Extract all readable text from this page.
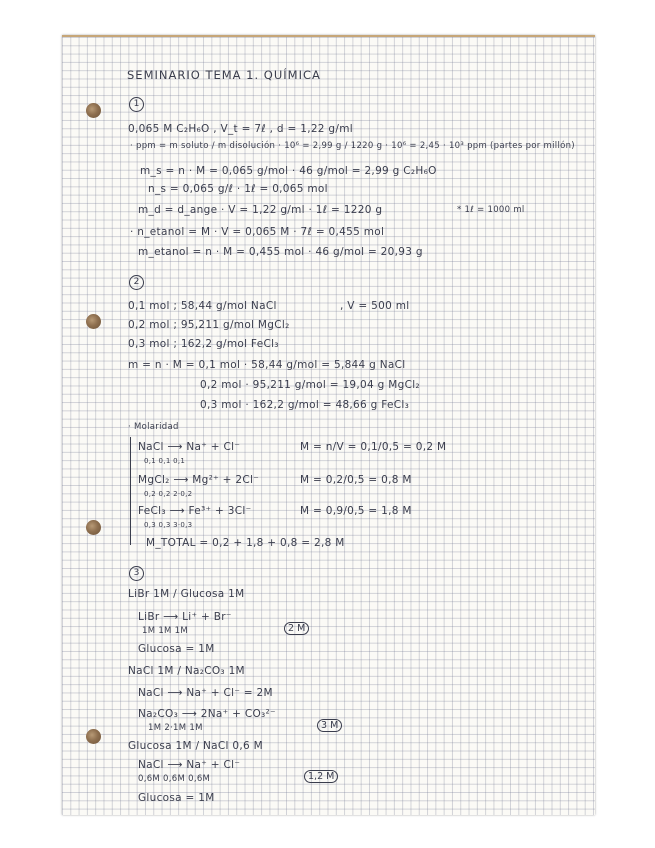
SEMINARIO TEMA 1. QUÍMICA
1
0,065 M C₂H₆O , V_t = 7ℓ , d = 1,22 g/ml
· ppm = m soluto / m disolución · 10⁶ = 2,99 g / 1220 g · 10⁶ = 2,45 · 10³ ppm (partes por millón)
m_s = n · M = 0,065 g/mol · 46 g/mol = 2,99 g C₂H₆O
n_s = 0,065 g/ℓ · 1ℓ = 0,065 mol
m_d = d_ange · V = 1,22 g/ml · 1ℓ = 1220 g	* 1ℓ = 1000 ml
· n_etanol = M · V = 0,065 M · 7ℓ = 0,455 mol
m_etanol = n · M = 0,455 mol · 46 g/mol = 20,93 g
2
0,1 mol ; 58,44 g/mol NaCl	, V = 500 ml
0,2 mol ; 95,211 g/mol MgCl₂
0,3 mol ; 162,2 g/mol FeCl₃
m = n · M = 0,1 mol · 58,44 g/mol = 5,844 g NaCl
0,2 mol · 95,211 g/mol = 19,04 g MgCl₂
0,3 mol · 162,2 g/mol = 48,66 g FeCl₃
· Molaridad
NaCl ⟶ Na⁺ + Cl⁻
0,1 0,1 0,1
M = n/V = 0,1/0,5 = 0,2 M
MgCl₂ ⟶ Mg²⁺ + 2Cl⁻
0,2 0,2 2·0,2
M = 0,2/0,5 = 0,8 M
FeCl₃ ⟶ Fe³⁺ + 3Cl⁻
0,3 0,3 3·0,3
M = 0,9/0,5 = 1,8 M
M_TOTAL = 0,2 + 1,8 + 0,8 = 2,8 M
3
LiBr 1M / Glucosa 1M
LiBr ⟶ Li⁺ + Br⁻
1M 1M 1M	2 M
Glucosa = 1M
NaCl 1M / Na₂CO₃ 1M
NaCl ⟶ Na⁺ + Cl⁻ = 2M
Na₂CO₃ ⟶ 2Na⁺ + CO₃²⁻
1M 2·1M 1M	3 M
Glucosa 1M / NaCl 0,6 M
NaCl ⟶ Na⁺ + Cl⁻
0,6M 0,6M 0,6M	1,2 M
Glucosa = 1M
